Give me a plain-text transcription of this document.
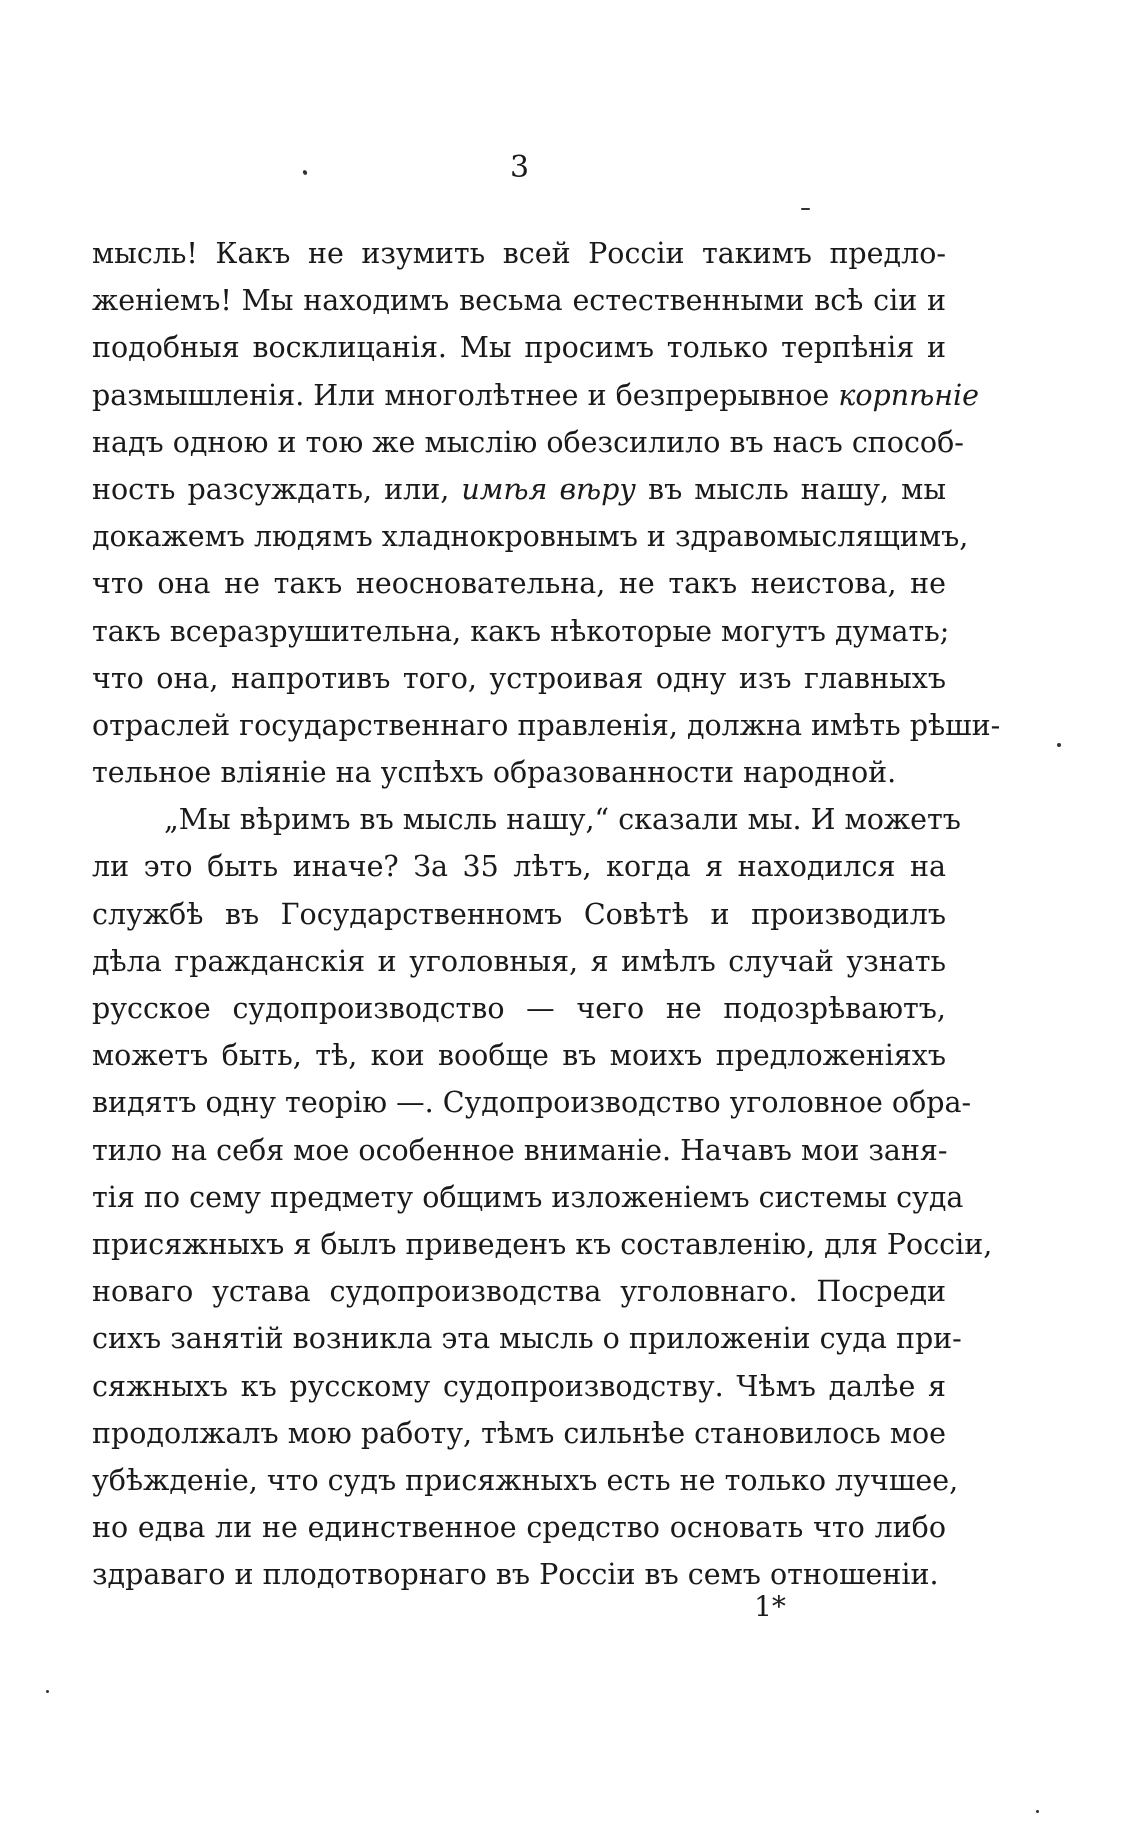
3
мысль! Какъ не изумить всей Россіи такимъ предло-
женіемъ! Мы находимъ весьма естественными всѣ сіи и
подобныя восклицанія. Мы просимъ только терпѣнія и
размышленія. Или многолѣтнее и безпрерывное корпѣніе
надъ одною и тою же мыслію обезсилило въ насъ способ-
ность разсуждать, или, имѣя вѣру въ мысль нашу, мы
докажемъ людямъ хладнокровнымъ и здравомыслящимъ,
что она не такъ неосновательна, не такъ неистова, не
такъ всеразрушительна, какъ нѣкоторые могутъ думать;
что она, напротивъ того, устроивая одну изъ главныхъ
отраслей государственнаго правленія, должна имѣть рѣши-
тельное вліяніе на успѣхъ образованности народной.
„Мы вѣримъ въ мысль нашу,“ сказали мы. И можетъ
ли это быть иначе? За 35 лѣтъ, когда я находился на
службѣ въ Государственномъ Совѣтѣ и производилъ
дѣла гражданскія и уголовныя, я имѣлъ случай узнать
русское судопроизводство — чего не подозрѣваютъ,
можетъ быть, тѣ, кои вообще въ моихъ предложеніяхъ
видятъ одну теорію —. Судопроизводство уголовное обра-
тило на себя мое особенное вниманіе. Начавъ мои заня-
тія по сему предмету общимъ изложеніемъ системы суда
присяжныхъ я былъ приведенъ къ составленію, для Россіи,
новаго устава судопроизводства уголовнаго. Посреди
сихъ занятій возникла эта мысль о приложеніи суда при-
сяжныхъ къ русскому судопроизводству. Чѣмъ далѣе я
продолжалъ мою работу, тѣмъ сильнѣе становилось мое
убѣжденіе, что судъ присяжныхъ есть не только лучшее,
но едва ли не единственное средство основать что либо
здраваго и плодотворнаго въ Россіи въ семъ отношеніи.
1*
